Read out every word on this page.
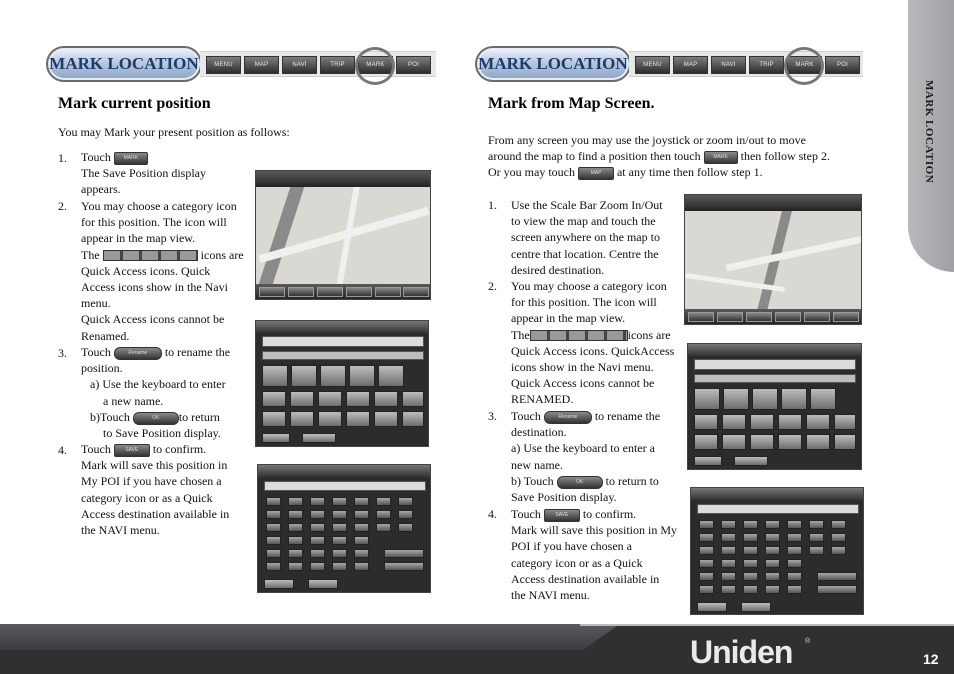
MARK LOCATION
MARK LOCATION	MENU	MAP	NAVI	TRIP	MARK	POI	MARK LOCATION	MENU	MAP	NAVI	TRIP	MARK	POI
Mark current position
You may Mark your present position as follows:
1. Touch	MARK
The Save Position display
appears.
2. You may choose a category icon
for this position. The icon will
appear in the map view.
The	icons are
Quick Access icons. Quick
Access icons show in the Navi
menu.
Quick Access icons cannot be
Renamed.
3. Touch	Rename to rename the
position.
a) Use the keyboard to enter
a new name.
b)Touch	OK to return
to Save Position display.
4. Touch	SAVE to confirm.
Mark will save this position in
My POI if you have chosen a
category icon or as a Quick
Access destination available in
the NAVI menu.
Mark from Map Screen.
From any screen you may use the joystick or zoom in/out to move
around the map to find a position then touch	MARK then follow step 2.
Or you may touch	MAP at any time then follow step 1.
1. Use the Scale Bar Zoom In/Out
to view the map and touch the
screen anywhere on the map to
centre that location. Centre the
desired destination.
2. You may choose a category icon
for this position. The icon will
appear in the map view.
The	icons are
Quick Access icons. QuickAccess
icons show in the Navi menu.
Quick Access icons cannot be
RENAMED.
3. Touch	Rename to rename the
destination.
a) Use the keyboard to enter a
new name.
b) Touch	OK to return to
Save Position display.
4. Touch	SAVE to confirm.
Mark will save this position in My
POI if you have chosen a
category icon or as a Quick
Access destination available in
the NAVI menu.
Uniden ®
12
